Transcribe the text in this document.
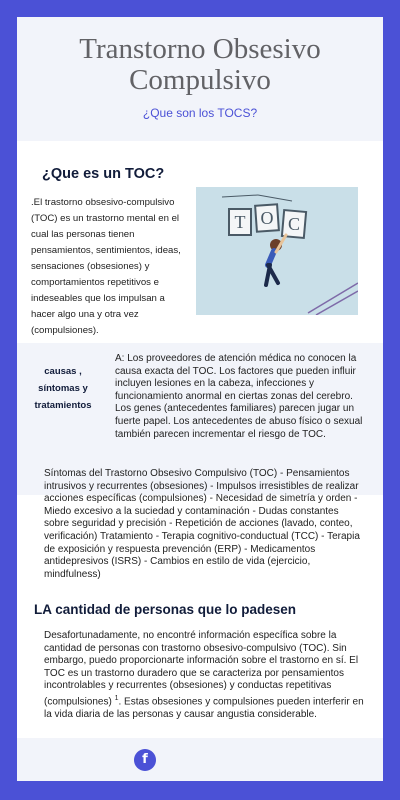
Transtorno Obsesivo Compulsivo
¿Que son los TOCS?
¿Que es un TOC?
.El trastorno obsesivo-compulsivo (TOC) es un trastorno mental en el cual las personas tienen pensamientos, sentimientos, ideas, sensaciones (obsesiones) y comportamientos repetitivos e indeseables que los impulsan a hacer algo una y otra vez (compulsiones).
T O C
causas ,
síntomas y
tratamientos
A: Los proveedores de atención médica no conocen la causa exacta del TOC. Los factores que pueden influir incluyen lesiones en la cabeza, infecciones y funcionamiento anormal en ciertas zonas del cerebro. Los genes (antecedentes familiares) parecen jugar un fuerte papel. Los antecedentes de abuso físico o sexual también parecen incrementar el riesgo de TOC.
Síntomas del Trastorno Obsesivo Compulsivo (TOC) - Pensamientos intrusivos y recurrentes (obsesiones) - Impulsos irresistibles de realizar acciones específicas (compulsiones) - Necesidad de simetría y orden - Miedo excesivo a la suciedad y contaminación - Dudas constantes sobre seguridad y precisión - Repetición de acciones (lavado, conteo, verificación) Tratamiento - Terapia cognitivo-conductual (TCC) - Terapia de exposición y respuesta prevención (ERP) - Medicamentos antidepresivos (ISRS) - Cambios en estilo de vida (ejercicio, mindfulness)
LA cantidad de personas que lo padesen
Desafortunadamente, no encontré información específica sobre la cantidad de personas con trastorno obsesivo-compulsivo (TOC). Sin embargo, puedo proporcionarte información sobre el trastorno en sí. El TOC es un trastorno duradero que se caracteriza por pensamientos incontrolables y recurrentes (obsesiones) y conductas repetitivas (compulsiones) $^1$. Estas obsesiones y compulsiones pueden interferir en la vida diaria de las personas y causar angustia considerable.
f
